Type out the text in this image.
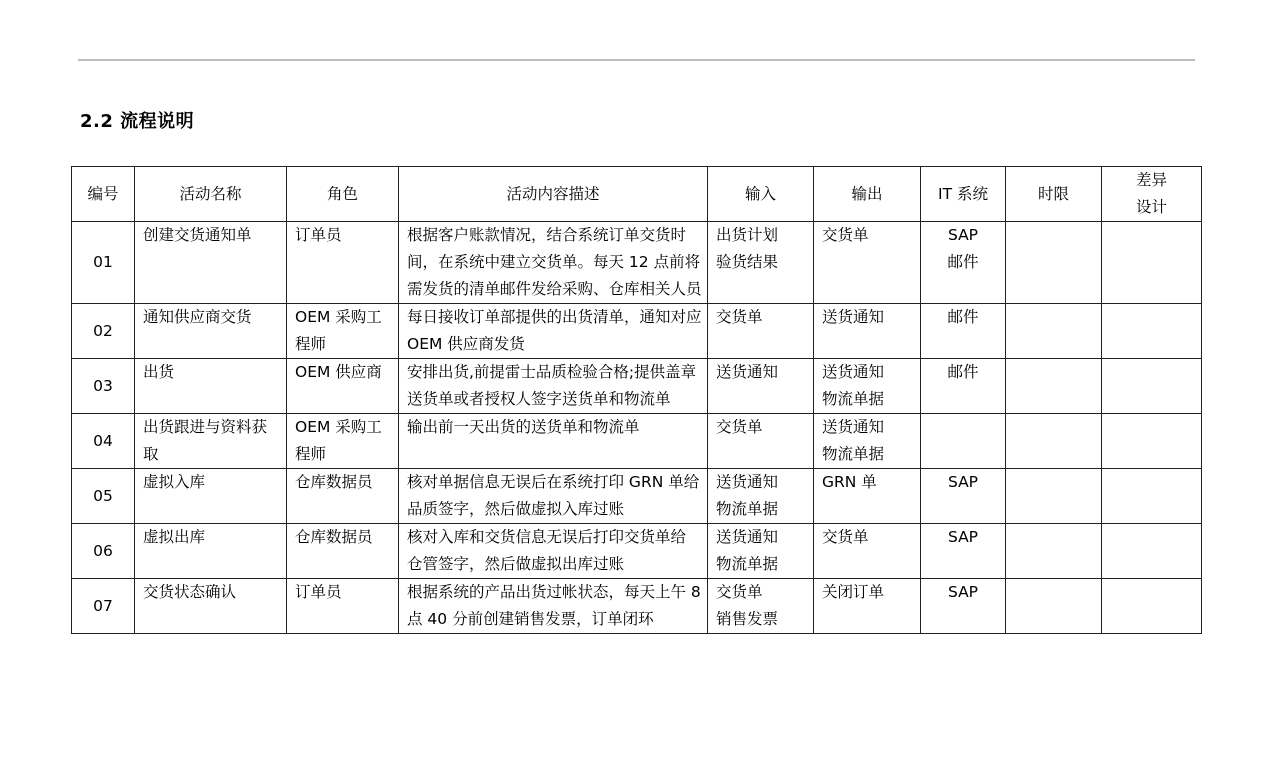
2.2 流程说明
编号	活动名称	角色	活动内容描述	输入	输出	IT 系统	时限	差异
设计

01	创建交货通知单	订单员	根据客户账款情况，结合系统订单交货时
间，在系统中建立交货单。每天 12 点前将
需发货的清单邮件发给采购、仓库相关人员	出货计划
验货结果	交货单	SAP
邮件		

02	通知供应商交货	OEM 采购工
程师	每日接收订单部提供的出货清单，通知对应
OEM 供应商发货	交货单	送货通知	邮件		

03	出货	OEM 供应商	安排出货,前提雷士品质检验合格;提供盖章
送货单或者授权人签字送货单和物流单	送货通知	送货通知
物流单据	邮件		

04	出货跟进与资料获
取	OEM 采购工
程师	输出前一天出货的送货单和物流单	交货单	送货通知
物流单据			

05	虚拟入库	仓库数据员	核对单据信息无误后在系统打印 GRN 单给
品质签字，然后做虚拟入库过账	送货通知
物流单据	GRN 单	SAP		

06	虚拟出库	仓库数据员	核对入库和交货信息无误后打印交货单给
仓管签字，然后做虚拟出库过账	送货通知
物流单据	交货单	SAP		

07	交货状态确认	订单员	根据系统的产品出货过帐状态，每天上午 8
点 40 分前创建销售发票，订单闭环	交货单
销售发票	关闭订单	SAP		
